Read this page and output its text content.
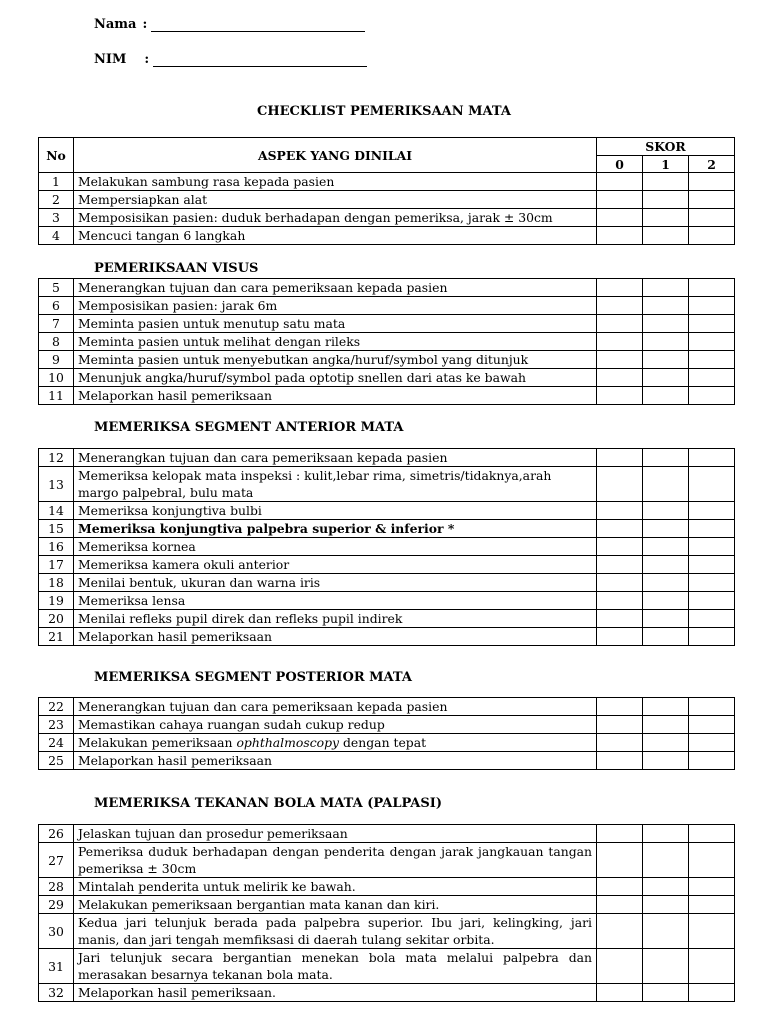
Nama :
NIM :
CHECKLIST PEMERIKSAAN MATA
No	ASPEK YANG DINILAI	SKOR		
		0	1	2
1	Melakukan sambung rasa kepada pasien			
2	Mempersiapkan alat			
3	Memposisikan pasien: duduk berhadapan dengan pemeriksa, jarak ± 30cm			
4	Mencuci tangan 6 langkah			
PEMERIKSAAN VISUS
5	Menerangkan tujuan dan cara pemeriksaan kepada pasien			
6	Memposisikan pasien: jarak 6m			
7	Meminta pasien untuk menutup satu mata			
8	Meminta pasien untuk melihat dengan rileks			
9	Meminta pasien untuk menyebutkan angka/huruf/symbol yang ditunjuk			
10	Menunjuk angka/huruf/symbol pada optotip snellen dari atas ke bawah			
11	Melaporkan hasil pemeriksaan			
MEMERIKSA SEGMENT ANTERIOR MATA
12	Menerangkan tujuan dan cara pemeriksaan kepada pasien			
13	Memeriksa kelopak mata inspeksi : kulit,lebar rima, simetris/tidaknya,arah margo palpebral, bulu mata			
14	Memeriksa konjungtiva bulbi			
15	Memeriksa konjungtiva palpebra superior & inferior *			
16	Memeriksa kornea			
17	Memeriksa kamera okuli anterior			
18	Menilai bentuk, ukuran dan warna iris			
19	Memeriksa lensa			
20	Menilai refleks pupil direk dan refleks pupil indirek			
21	Melaporkan hasil pemeriksaan			
MEMERIKSA SEGMENT POSTERIOR MATA
22	Menerangkan tujuan dan cara pemeriksaan kepada pasien			
23	Memastikan cahaya ruangan sudah cukup redup			
24	Melakukan pemeriksaan ophthalmoscopy dengan tepat			
25	Melaporkan hasil pemeriksaan			
MEMERIKSA TEKANAN BOLA MATA (PALPASI)
26	Jelaskan tujuan dan prosedur pemeriksaan			
27	Pemeriksa duduk berhadapan dengan penderita dengan jarak jangkauan tangan pemeriksa ± 30cm			
28	Mintalah penderita untuk melirik ke bawah.			
29	Melakukan pemeriksaan bergantian mata kanan dan kiri.			
30	Kedua jari telunjuk berada pada palpebra superior. Ibu jari, kelingking, jari manis, dan jari tengah memfiksasi di daerah tulang sekitar orbita.			
31	Jari telunjuk secara bergantian menekan bola mata melalui palpebra dan merasakan besarnya tekanan bola mata.			
32	Melaporkan hasil pemeriksaan.			
